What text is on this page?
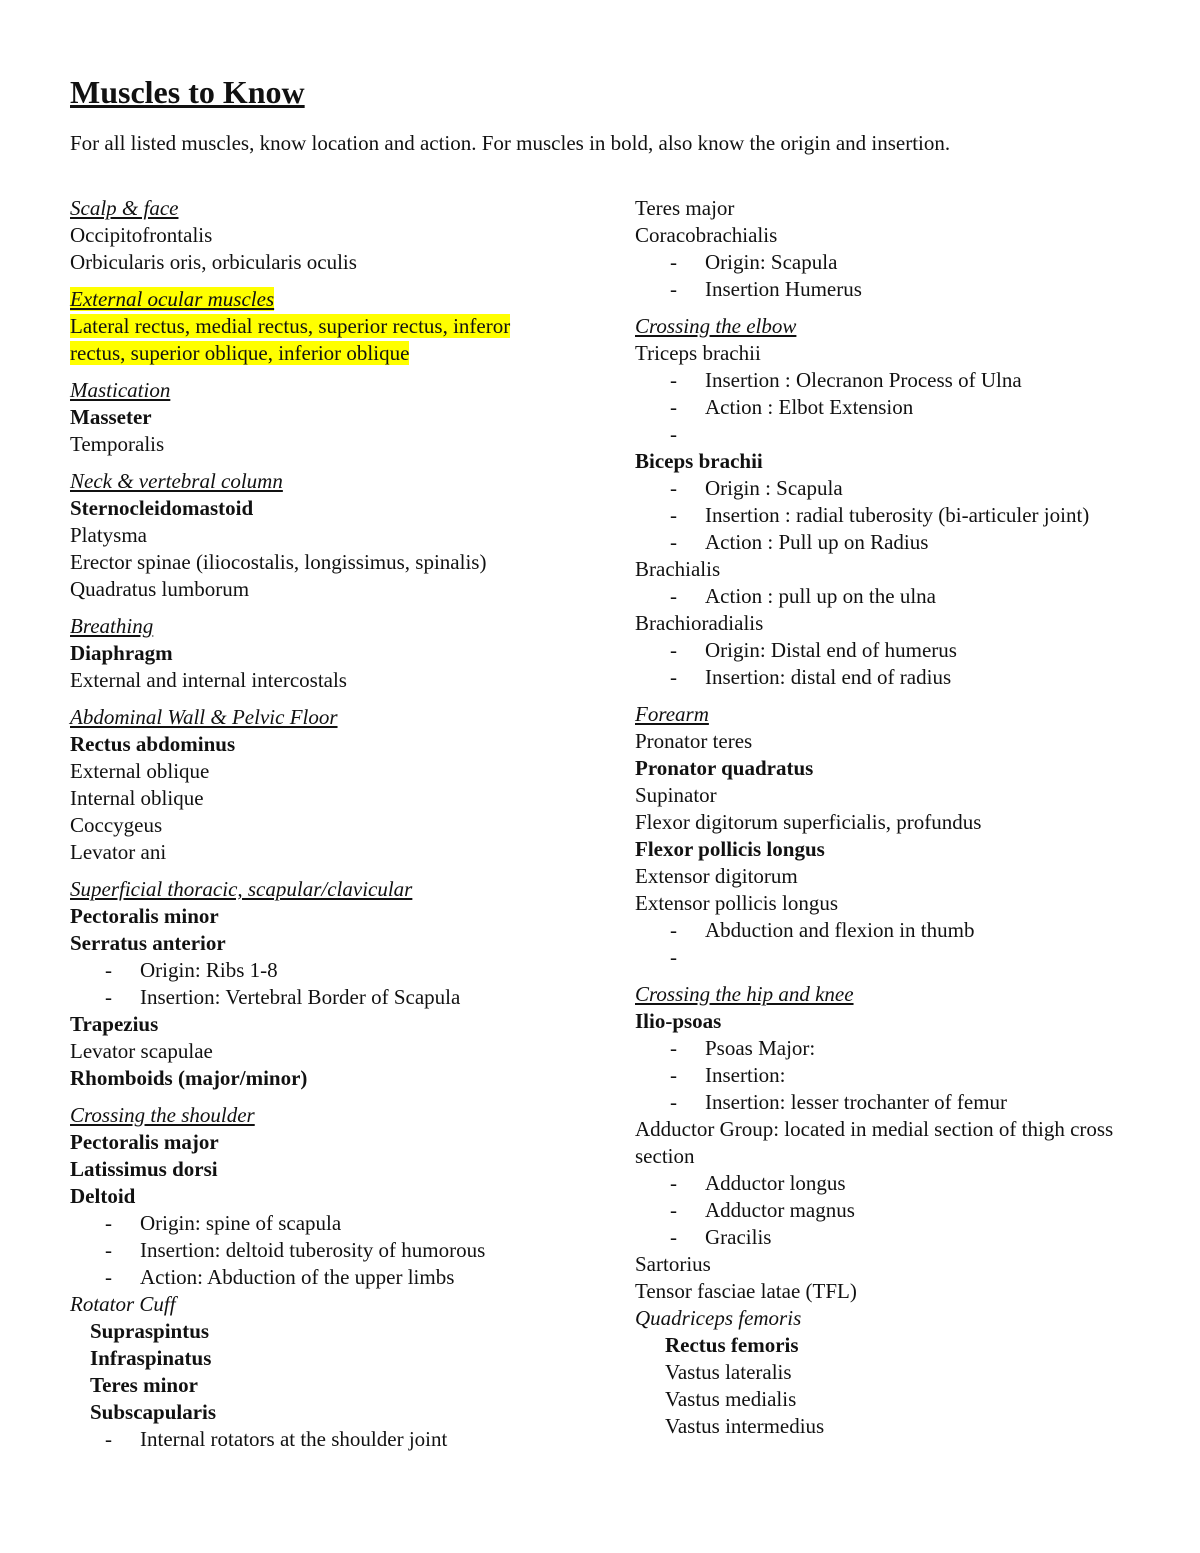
Muscles to Know
For all listed muscles, know location and action. For muscles in bold, also know the origin and insertion.
Scalp & face
Occipitofrontalis
Orbicularis oris, orbicularis oculis
External ocular muscles
Lateral rectus, medial rectus, superior rectus, inferor
rectus, superior oblique, inferior oblique
Mastication
Masseter
Temporalis
Neck & vertebral column
Sternocleidomastoid
Platysma
Erector spinae (iliocostalis, longissimus, spinalis)
Quadratus lumborum
Breathing
Diaphragm
External and internal intercostals
Abdominal Wall & Pelvic Floor
Rectus abdominus
External oblique
Internal oblique
Coccygeus
Levator ani
Superficial thoracic, scapular/clavicular
Pectoralis minor
Serratus anterior
-	Origin: Ribs 1-8
-	Insertion: Vertebral Border of Scapula
Trapezius
Levator scapulae
Rhomboids (major/minor)
Crossing the shoulder
Pectoralis major
Latissimus dorsi
Deltoid
-	Origin: spine of scapula
-	Insertion: deltoid tuberosity of humorous
-	Action: Abduction of the upper limbs
Rotator Cuff
Supraspintus
Infraspinatus
Teres minor
Subscapularis
-	Internal rotators at the shoulder joint
Teres major
Coracobrachialis
-	Origin: Scapula
-	Insertion Humerus
Crossing the elbow
Triceps brachii
-	Insertion : Olecranon Process of Ulna
-	Action : Elbot Extension
-
Biceps brachii
-	Origin : Scapula
-	Insertion : radial tuberosity (bi-articuler joint)
-	Action : Pull up on Radius
Brachialis
-	Action : pull up on the ulna
Brachioradialis
-	Origin: Distal end of humerus
-	Insertion: distal end of radius
Forearm
Pronator teres
Pronator quadratus
Supinator
Flexor digitorum superficialis, profundus
Flexor pollicis longus
Extensor digitorum
Extensor pollicis longus
-	Abduction and flexion in thumb
-
Crossing the hip and knee
Ilio-psoas
-	Psoas Major:
-	Insertion:
-	Insertion: lesser trochanter of femur
Adductor Group: located in medial section of thigh cross section
-	Adductor longus
-	Adductor magnus
-	Gracilis
Sartorius
Tensor fasciae latae (TFL)
Quadriceps femoris
Rectus femoris
Vastus lateralis
Vastus medialis
Vastus intermedius
